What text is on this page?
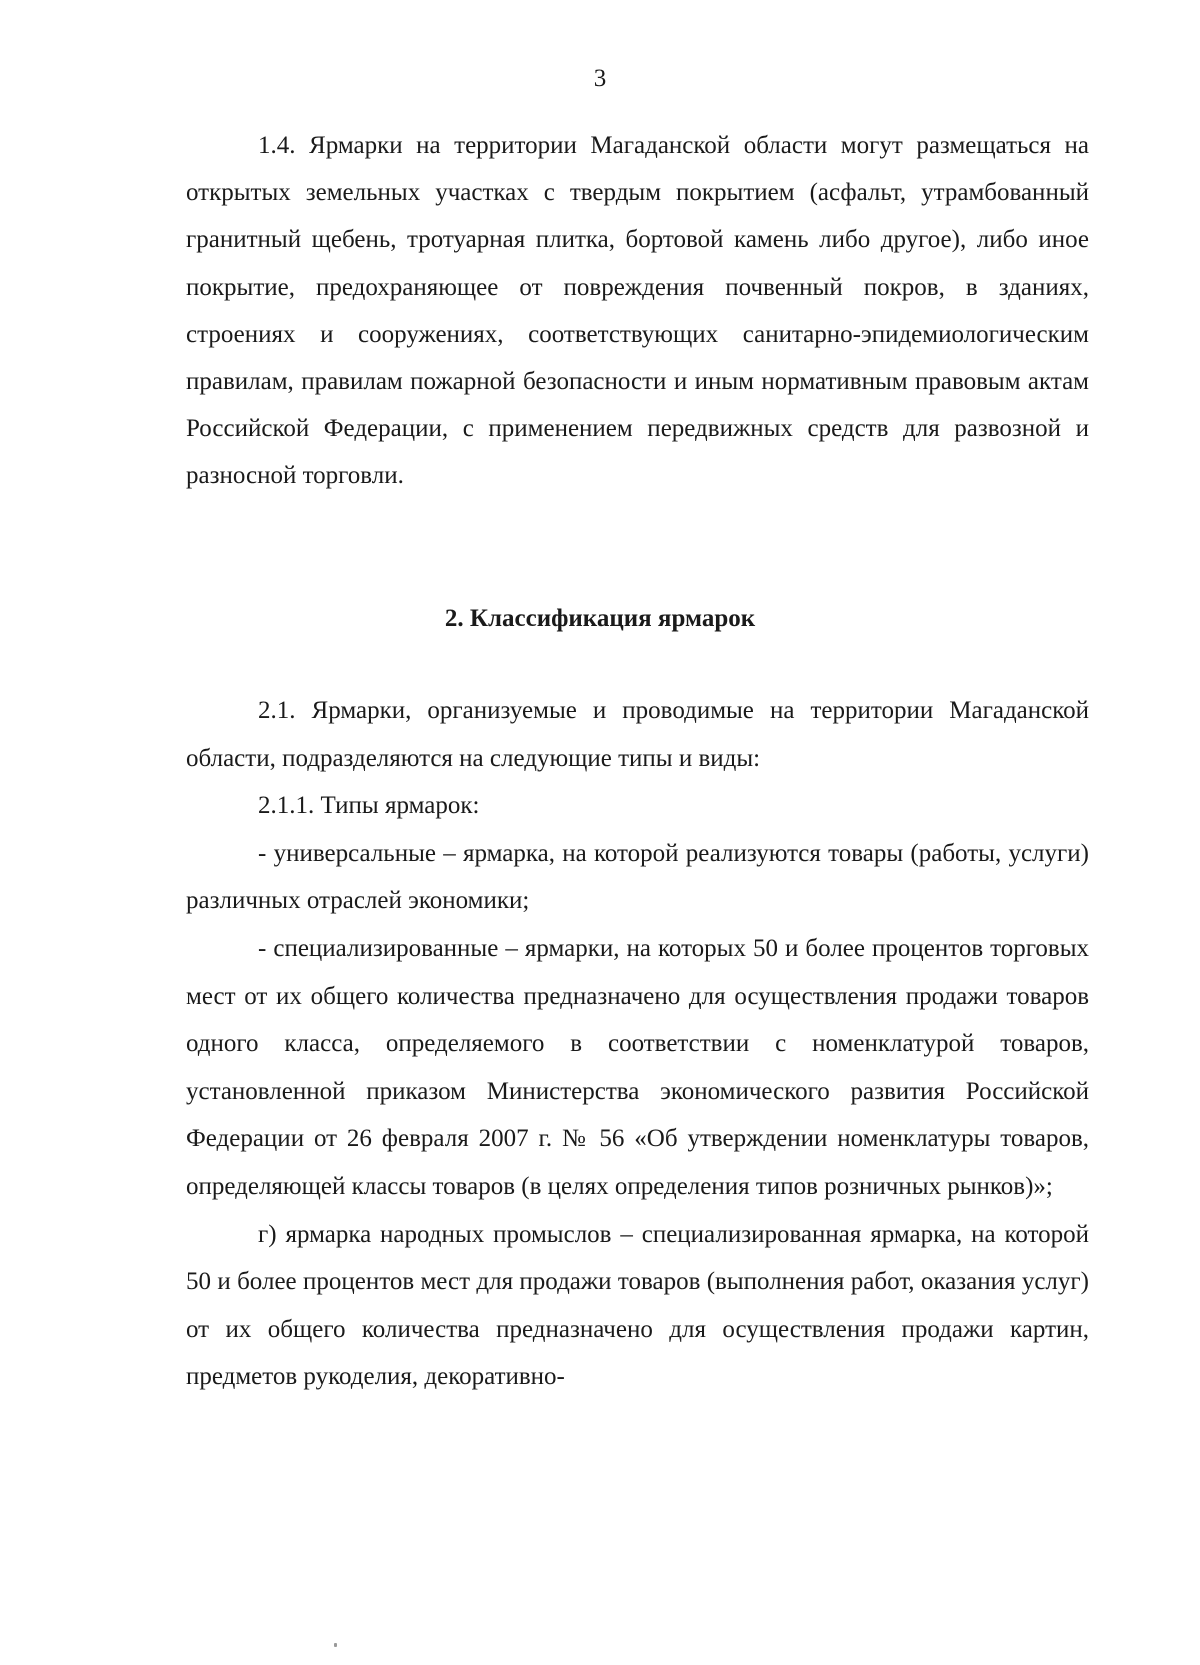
3

1.4. Ярмарки на территории Магаданской области могут размещаться на открытых земельных участках с твердым покрытием (асфальт, утрамбованный гранитный щебень, тротуарная плитка, бортовой камень либо другое), либо иное покрытие, предохраняющее от повреждения почвенный покров, в зданиях, строениях и сооружениях, соответствующих санитарно-эпидемиологическим правилам, правилам пожарной безопасности и иным нормативным правовым актам Российской Федерации, с применением передвижных средств для развозной и разносной торговли.

2. Классификация ярмарок

2.1. Ярмарки, организуемые и проводимые на территории Магаданской области, подразделяются на следующие типы и виды:

2.1.1. Типы ярмарок:

- универсальные – ярмарка, на которой реализуются товары (работы, услуги) различных отраслей экономики;

- специализированные – ярмарки, на которых 50 и более процентов торговых мест от их общего количества предназначено для осуществления продажи товаров одного класса, определяемого в соответствии с номенклатурой товаров, установленной приказом Министерства экономического развития Российской Федерации от 26 февраля 2007 г. № 56 «Об утверждении номенклатуры товаров, определяющей классы товаров (в целях определения типов розничных рынков)»;

г) ярмарка народных промыслов – специализированная ярмарка, на которой 50 и более процентов мест для продажи товаров (выполнения работ, оказания услуг) от их общего количества предназначено для осуществления продажи картин, предметов рукоделия, декоративно-
